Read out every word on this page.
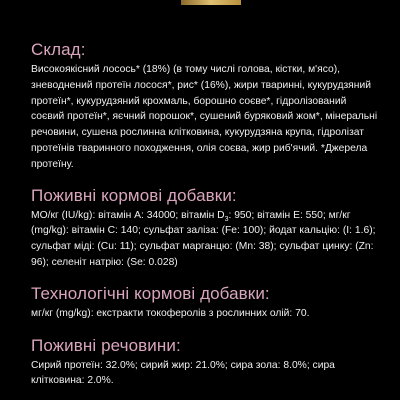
Склад:

Високоякісний лосось* (18%) (в тому числі голова, кістки, м'ясо), зневоднений протеїн лосося*, рис* (16%), жири тваринні, кукурудзяний протеїн*, кукурудзяний крохмаль, борошно соєве*, гідролізований соєвий протеїн*, яєчний порошок*, сушений буряковий жом*, мінеральні речовини, сушена рослинна клітковина, кукурудзяна крупа, гідролізат протеїнів тваринного походження, олія соєва, жир риб'ячий. *Джерела протеїну.

Поживні кормові добавки:

МО/кг (IU/kg): вітамін А: 34000; вітамін $D_3$: 950; вітамін Е: 550; мг/кг (mg/kg): вітамін С: 140; сульфат заліза: (Fe: 100); йодат кальцію: (I: 1.6); сульфат міді: (Cu: 11); сульфат марганцю: (Mn: 38); сульфат цинку: (Zn: 96); селеніт натрію: (Se: 0.028)

Технологічні кормові добавки:

мг/кг (mg/kg): екстракти токоферолів з рослинних олій: 70.

Поживні речовини:

Сирий протеїн: 32.0%; сирий жир: 21.0%; сира зола: 8.0%; сира клітковина: 2.0%.
